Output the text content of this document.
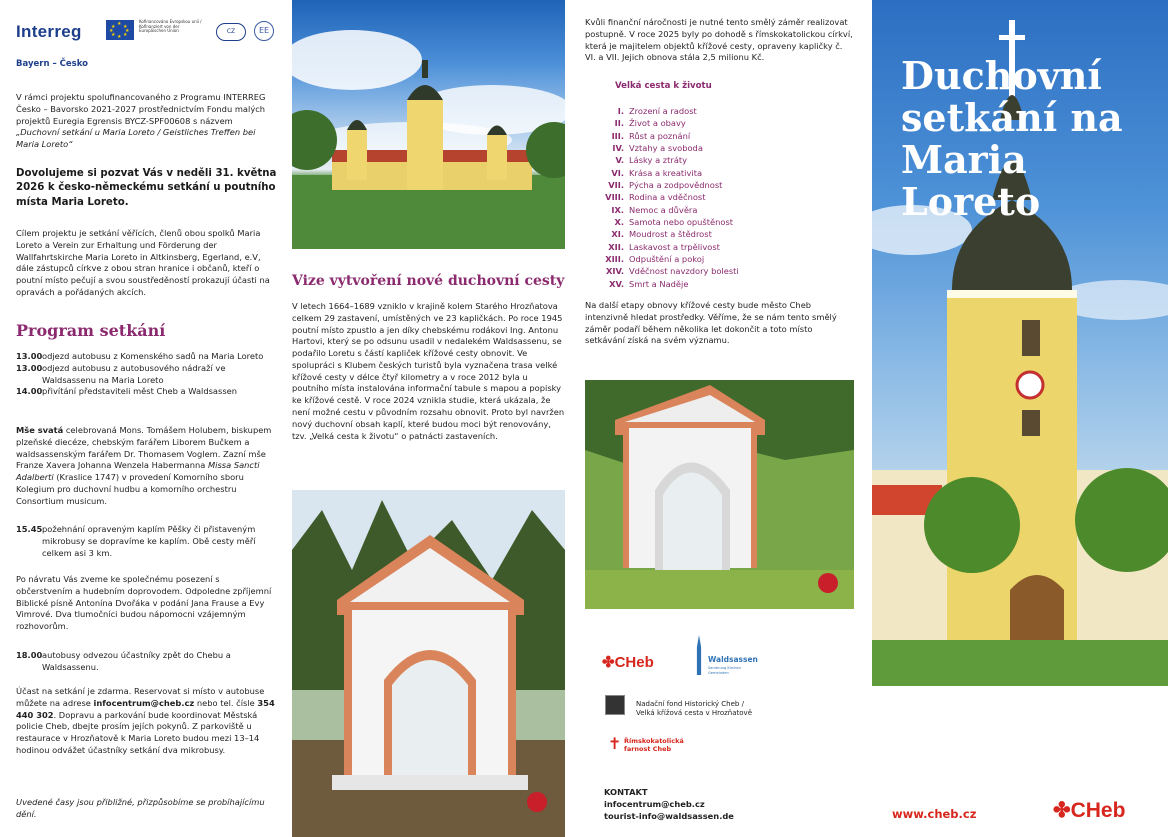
Interreg	★ ★
★
★
★
★
★
★
Kofinancováno Evropskou unií / Kofinanziert von der Europäischen Union	CZ	EE
Bayern – Česko

V rámci projektu spolufinancovaného z Programu INTERREG Česko – Bavorsko 2021-2027 prostřednictvím Fondu malých projektů Euregia Egrensis BYCZ-SPF00608 s názvem „Duchovní setkání u Maria Loreto / Geistliches Treffen bei Maria Loreto“

Dovolujeme si pozvat Vás v neděli 31. května 2026 k česko-německému setkání u poutního místa Maria Loreto.

Cílem projektu je setkání věřících, členů obou spolků Maria Loreto a Verein zur Erhaltung und Förderung der Wallfahrtskirche Maria Loreto in Altkinsberg, Egerland, e.V, dále zástupců církve z obou stran hranice i občanů, kteří o poutní místo pečují a svou soustředěností prokazují účasti na opravách a pořádaných akcích.

Program setkání
13.00 odjezd autobusu z Komenského sadů na Maria Loreto
13.00 odjezd autobusu z autobusového nádraží ve Waldsassenu na Maria Loreto
14.00 přivítání představiteli měst Cheb a Waldsassen

Mše svatá celebrovaná Mons. Tomášem Holubem, biskupem plzeňské diecéze, chebským farářem Liborem Bučkem a waldsassenským farářem Dr. Thomasem Voglem. Zazní mše Franze Xavera Johanna Wenzela Habermanna Missa Sancti Adalberti (Kraslice 1747) v provedení Komorního sboru Kolegium pro duchovní hudbu a komorního orchestru Consortium musicum.

15.45 požehnání opraveným kaplím Pěšky či přistaveným mikrobusy se dopravíme ke kaplím. Obě cesty měří celkem asi 3 km.

Po návratu Vás zveme ke společnému posezení s občerstvením a hudebním doprovodem. Odpoledne zpříjemní Biblické písně Antonína Dvořáka v podání Jana Frause a Evy Vimrové. Dva tlumočníci budou nápomocni vzájemným rozhovorům.

18.00 autobusy odvezou účastníky zpět do Chebu a Waldsassenu.

Účast na setkání je zdarma. Reservovat si místo v autobuse můžete na adrese infocentrum@cheb.cz nebo tel. čísle 354 440 302. Dopravu a parkování bude koordinovat Městská policie Cheb, dbejte prosím jejích pokynů. Z parkoviště u restaurace v Hrozňatově k Maria Loreto budou mezi 13–14 hodinou odvážet účastníky setkání dva mikrobusy.

Uvedené časy jsou přibližné, přizpůsobíme se probíhajícímu dění.

Vize vytvoření nové duchovní cesty

V letech 1664–1689 vzniklo v krajině kolem Starého Hrozňatova celkem 29 zastavení, umístěných ve 23 kapličkách. Po roce 1945 poutní místo zpustlo a jen díky chebskému rodákovi Ing. Antonu Hartovi, který se po odsunu usadil v nedalekém Waldsassenu, se podařilo Loretu s částí kapliček křížové cesty obnovit. Ve spolupráci s Klubem českých turistů byla vyznačena trasa velké křížové cesty v délce čtyř kilometry a v roce 2012 byla u poutního místa instalována informační tabule s mapou a popisky ke křížové cestě. V roce 2024 vznikla studie, která ukázala, že není možné cestu v původním rozsahu obnovit. Proto byl navržen nový duchovní obsah kaplí, které budou moci být renovovány, tzv. „Velká cesta k životu“ o patnácti zastaveních.

Kvůli finanční náročnosti je nutné tento smělý záměr realizovat postupně. V roce 2025 byly po dohodě s římskokatolickou církví, která je majitelem objektů křížové cesty, opraveny kapličky č. VI. a VII. Jejich obnova stála 2,5 milionu Kč.

Velká cesta k životu
I. Zrození a radost
II. Život a obavy
III. Růst a poznání
IV. Vztahy a svoboda
V. Lásky a ztráty
VI. Krása a kreativita
VII. Pýcha a zodpovědnost
VIII. Rodina a vděčnost
IX. Nemoc a důvěra
X. Samota nebo opuštěnost
XI. Moudrost a štědrost
XII. Laskavost a trpělivost
XIII. Odpuštění a pokoj
XIV. Vděčnost navzdory bolesti
XV. Smrt a Naděje

Na další etapy obnovy křížové cesty bude město Cheb intenzivně hledat prostředky. Věříme, že se nám tento smělý záměr podaří během několika let dokončit a toto místo setkávání získá na svém významu.

✤CHeb	Waldsassen
Sanierung Kirchen Gemeinden
Nadační fond Historický Cheb /
Velká křížová cesta v Hrozňatově
✝ Římskokatolická
farnost Cheb
KONTAKT
infocentrum@cheb.cz
tourist-info@waldsassen.de
Duchovní setkání na Maria Loreto
www.cheb.cz	✤CHeb
